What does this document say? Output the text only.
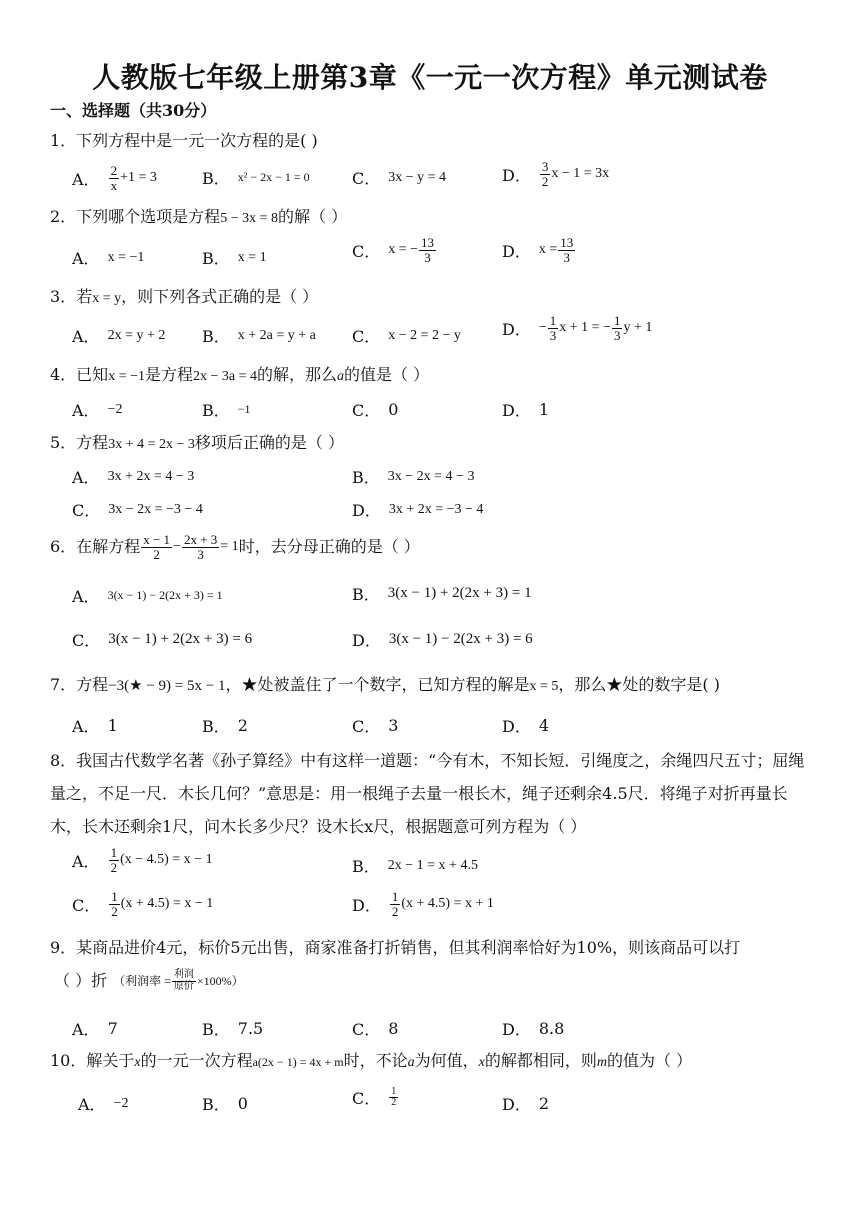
人教版七年级上册第3章《一元一次方程》单元测试卷
一、选择题（共30分）
1．下列方程中是一元一次方程的是( )
A． $\frac{2}{x} +1 = 3$	B． x² − 2x − 1 = 0	C． 3x − y = 4	D． $\frac{3}{2}$ x − 1 = 3x
2．下列哪个选项是方程5 − 3x = 8的解（ ）
A． x = −1	B． x = 1	C． x = − $\frac{13}{3}$	D． $x = \frac{13}{3}$
3．若x = y，则下列各式正确的是（ ）
A． 2x = y + 2 B． x + 2a = y + a C． x − 2 = 2 − y	D． − $\frac{1}{3}$ x + 1 = − $\frac{1}{3}$ y + 1
4．已知x = −1是方程2x − 3a = 4的解，那么a的值是（ ）
A． −2	B． −1	C． 0	D． 1
5．方程3x + 4 = 2x − 3移项后正确的是（ ）
A． 3x + 2x = 4 − 3	B． 3x − 2x = 4 − 3
C． 3x − 2x = −3 − 4	D． 3x + 2x = −3 − 4
6．在解方程 $\frac{x - 1}{2} - \frac{2x + 3}{3} = 1$ 时，去分母正确的是（ ）
A． 3(x − 1) − 2(2x + 3) = 1	B． 3(x − 1) + 2(2x + 3) = 1
C． 3(x − 1) + 2(2x + 3) = 6	D． 3(x − 1) − 2(2x + 3) = 6
7．方程−3(★ − 9) = 5x − 1，★处被盖住了一个数字，已知方程的解是x = 5，那么★处的数字是( )
A． 1	B． 2	C． 3	D． 4
8．我国古代数学名著《孙子算经》中有这样一道题：“今有木，不知长短．引绳度之，余绳四尺五寸；屈绳量之，不足一尺．木长几何？”意思是：用一根绳子去量一根长木，绳子还剩余4.5尺．将绳子对折再量长木，长木还剩余1尺，问木长多少尺？设木长x尺，根据题意可列方程为（ ）
A． $\frac{1}{2} (x - 4.5) = x - 1$	B． 2x − 1 = x + 4.5
C． $\frac{1}{2} (x + 4.5) = x - 1$	D． $\frac{1}{2} (x + 4.5) = x + 1$
9．某商品进价4元，标价5元出售，商家准备打折销售，但其利润率恰好为10%，则该商品可以打
（ ）折 （利润率 = $\frac{\text{利润}}{\text{原价}} \times 100\%$）
A． 7	B． 7.5	C． 8	D． 8.8
10．解关于x的一元一次方程a(2x − 1) = 4x + m时，不论a为何值，x的解都相同，则m的值为（ ）
A． −2	B． 0	C． $\frac{1}{2}$	D． 2
